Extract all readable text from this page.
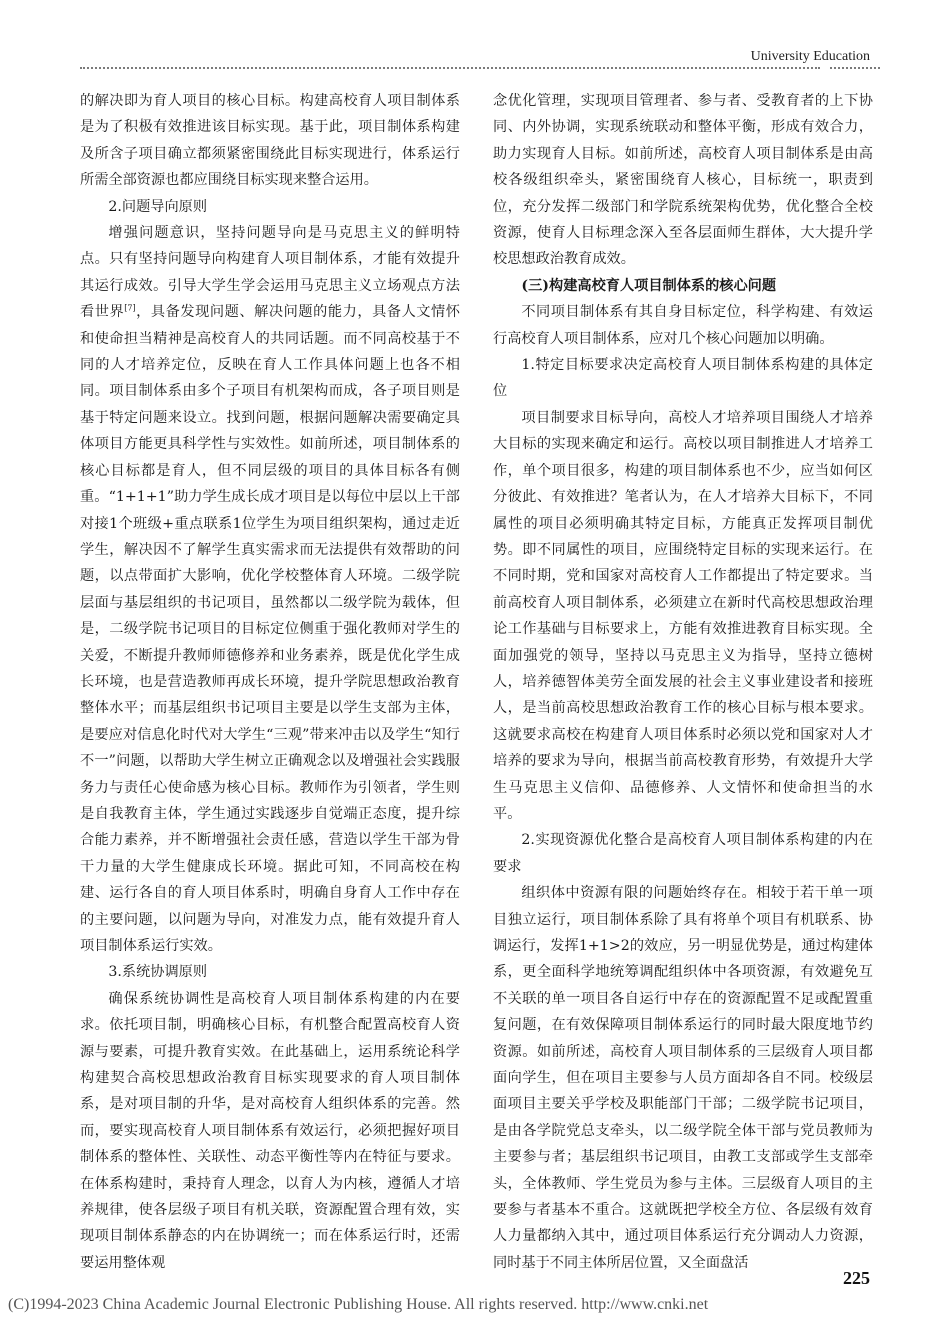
University Education

的解决即为育人项目的核心目标。构建高校育人项目制体系是为了积极有效推进该目标实现。基于此，项目制体系构建及所含子项目确立都须紧密围绕此目标实现进行，体系运行所需全部资源也都应围绕目标实现来整合运用。

2.问题导向原则

增强问题意识，坚持问题导向是马克思主义的鲜明特点。只有坚持问题导向构建育人项目制体系，才能有效提升其运行成效。引导大学生学会运用马克思主义立场观点方法看世界[7]，具备发现问题、解决问题的能力，具备人文情怀和使命担当精神是高校育人的共同话题。而不同高校基于不同的人才培养定位，反映在育人工作具体问题上也各不相同。项目制体系由多个子项目有机架构而成，各子项目则是基于特定问题来设立。找到问题，根据问题解决需要确定具体项目方能更具科学性与实效性。如前所述，项目制体系的核心目标都是育人，但不同层级的项目的具体目标各有侧重。“1+1+1”助力学生成长成才项目是以每位中层以上干部对接1个班级+重点联系1位学生为项目组织架构，通过走近学生，解决因不了解学生真实需求而无法提供有效帮助的问题，以点带面扩大影响，优化学校整体育人环境。二级学院层面与基层组织的书记项目，虽然都以二级学院为载体，但是，二级学院书记项目的目标定位侧重于强化教师对学生的关爱，不断提升教师师德修养和业务素养，既是优化学生成长环境，也是营造教师再成长环境，提升学院思想政治教育整体水平；而基层组织书记项目主要是以学生支部为主体，是要应对信息化时代对大学生“三观”带来冲击以及学生“知行不一”问题，以帮助大学生树立正确观念以及增强社会实践服务力与责任心使命感为核心目标。教师作为引领者，学生则是自我教育主体，学生通过实践逐步自觉端正态度，提升综合能力素养，并不断增强社会责任感，营造以学生干部为骨干力量的大学生健康成长环境。据此可知，不同高校在构建、运行各自的育人项目体系时，明确自身育人工作中存在的主要问题，以问题为导向，对准发力点，能有效提升育人项目制体系运行实效。

3.系统协调原则

确保系统协调性是高校育人项目制体系构建的内在要求。依托项目制，明确核心目标，有机整合配置高校育人资源与要素，可提升教育实效。在此基础上，运用系统论科学构建契合高校思想政治教育目标实现要求的育人项目制体系，是对项目制的升华，是对高校育人组织体系的完善。然而，要实现高校育人项目制体系有效运行，必须把握好项目制体系的整体性、关联性、动态平衡性等内在特征与要求。在体系构建时，秉持育人理念，以育人为内核，遵循人才培养规律，使各层级子项目有机关联，资源配置合理有效，实现项目制体系静态的内在协调统一；而在体系运行时，还需要运用整体观

念优化管理，实现项目管理者、参与者、受教育者的上下协同、内外协调，实现系统联动和整体平衡，形成有效合力，助力实现育人目标。如前所述，高校育人项目制体系是由高校各级组织牵头，紧密围绕育人核心，目标统一，职责到位，充分发挥二级部门和学院系统架构优势，优化整合全校资源，使育人目标理念深入至各层面师生群体，大大提升学校思想政治教育成效。

(三)构建高校育人项目制体系的核心问题

不同项目制体系有其自身目标定位，科学构建、有效运行高校育人项目制体系，应对几个核心问题加以明确。

1.特定目标要求决定高校育人项目制体系构建的具体定位

项目制要求目标导向，高校人才培养项目围绕人才培养大目标的实现来确定和运行。高校以项目制推进人才培养工作，单个项目很多，构建的项目制体系也不少，应当如何区分彼此、有效推进？笔者认为，在人才培养大目标下，不同属性的项目必须明确其特定目标，方能真正发挥项目制优势。即不同属性的项目，应围绕特定目标的实现来运行。在不同时期，党和国家对高校育人工作都提出了特定要求。当前高校育人项目制体系，必须建立在新时代高校思想政治理论工作基础与目标要求上，方能有效推进教育目标实现。全面加强党的领导，坚持以马克思主义为指导，坚持立德树人，培养德智体美劳全面发展的社会主义事业建设者和接班人，是当前高校思想政治教育工作的核心目标与根本要求。这就要求高校在构建育人项目体系时必须以党和国家对人才培养的要求为导向，根据当前高校教育形势，有效提升大学生马克思主义信仰、品德修养、人文情怀和使命担当的水平。

2.实现资源优化整合是高校育人项目制体系构建的内在要求

组织体中资源有限的问题始终存在。相较于若干单一项目独立运行，项目制体系除了具有将单个项目有机联系、协调运行，发挥1+1>2的效应，另一明显优势是，通过构建体系，更全面科学地统筹调配组织体中各项资源，有效避免互不关联的单一项目各自运行中存在的资源配置不足或配置重复问题，在有效保障项目制体系运行的同时最大限度地节约资源。如前所述，高校育人项目制体系的三层级育人项目都面向学生，但在项目主要参与人员方面却各自不同。校级层面项目主要关乎学校及职能部门干部；二级学院书记项目，是由各学院党总支牵头，以二级学院全体干部与党员教师为主要参与者；基层组织书记项目，由教工支部或学生支部牵头，全体教师、学生党员为参与主体。三层级育人项目的主要参与者基本不重合。这就既把学校全方位、各层级有效育人力量都纳入其中，通过项目体系运行充分调动人力资源，同时基于不同主体所居位置，又全面盘活

225
(C)1994-2023 China Academic Journal Electronic Publishing House. All rights reserved. http://www.cnki.net
